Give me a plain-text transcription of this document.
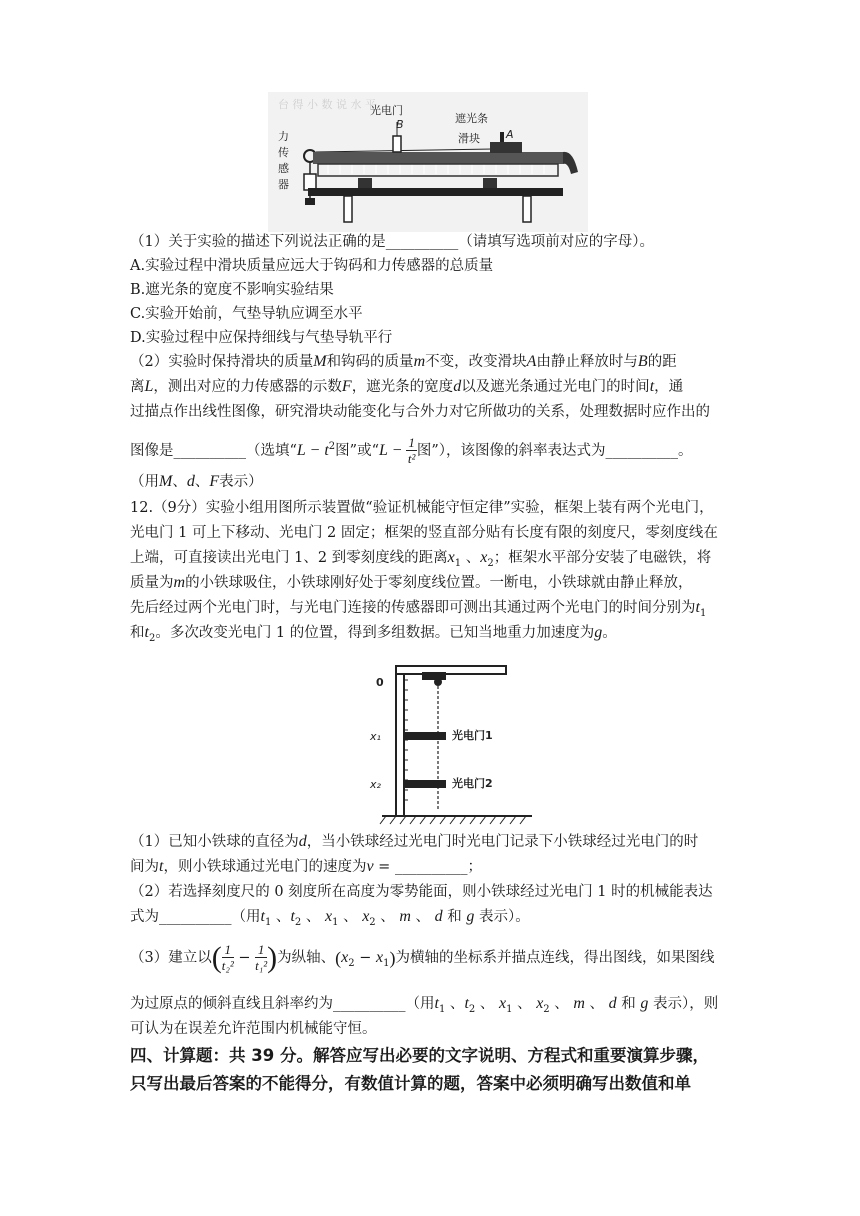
台 得 小 数 说 水 平
光电门
B	遮光条
A
滑块
力
传
感
器
（1）关于实验的描述下列说法正确的是__________（请填写选项前对应的字母）。
A.实验过程中滑块质量应远大于钩码和力传感器的总质量
B.遮光条的宽度不影响实验结果
C.实验开始前，气垫导轨应调至水平
D.实验过程中应保持细线与气垫导轨平行
（2）实验时保持滑块的质量M和钩码的质量m不变，改变滑块A由静止释放时与B的距
离L，测出对应的力传感器的示数F，遮光条的宽度d以及遮光条通过光电门的时间t，通
过描点作出线性图像，研究滑块动能变化与合外力对它所做功的关系，处理数据时应作出的
图像是__________（选填“$L - t^2$图”或“$L - \frac{1}{\text{t²}}$ 图”），该图像的斜率表达式为__________。
（用M、d、F表示）
12.（9分）实验小组用图所示装置做“验证机械能守恒定律”实验，框架上装有两个光电门，
光电门 1 可上下移动、光电门 2 固定；框架的竖直部分贴有长度有限的刻度尺，零刻度线在
上端，可直接读出光电门 1、2 到零刻度线的距离$x_1$ 、$x_2$；框架水平部分安装了电磁铁，将
质量为m的小铁球吸住，小铁球刚好处于零刻度线位置。一断电，小铁球就由静止释放，
先后经过两个光电门时，与光电门连接的传感器即可测出其通过两个光电门的时间分别为$t_1$
和$t_2$。多次改变光电门 1 的位置，得到多组数据。已知当地重力加速度为g。
0
x₁
x₂
光电门1
光电门2
（1）已知小铁球的直径为d，当小铁球经过光电门时光电门记录下小铁球经过光电门的时
间为t，则小铁球通过光电门的速度为v = __________；
（2）若选择刻度尺的 0 刻度所在高度为零势能面，则小铁球经过光电门 1 时的机械能表达
式为__________（用$t_1$ 、$t_2$ 、 $x_1$ 、 $x_2$ 、 m 、 d 和 g 表示）。
（3）建立以( $\frac{1}{\text{t₂²}} - \frac{1}{\text{t₁²}}$ )为纵轴、$(x_2 - x_1)$为横轴的坐标系并描点连线，得出图线，如果图线
为过原点的倾斜直线且斜率约为__________（用$t_1$ 、$t_2$ 、 $x_1$ 、 $x_2$ 、 m 、 d 和 g 表示），则
可认为在误差允许范围内机械能守恒。
四、计算题：共 39 分。解答应写出必要的文字说明、方程式和重要演算步骤，
只写出最后答案的不能得分，有数值计算的题，答案中必须明确写出数值和单
